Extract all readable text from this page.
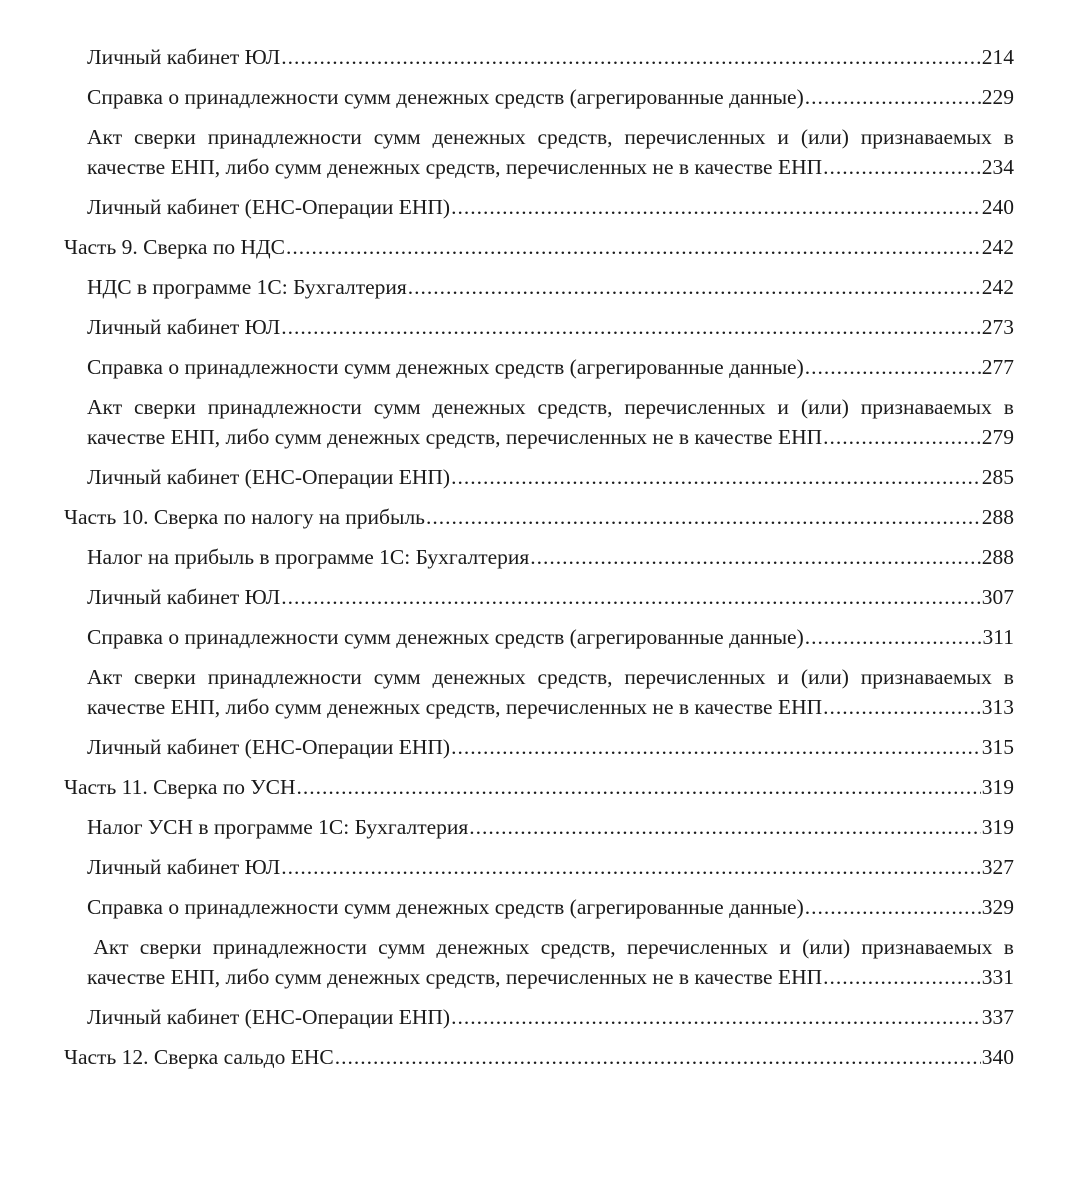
Личный кабинет ЮЛ .....	214
Справка о принадлежности сумм денежных средств (агрегированные данные) .....	229
Акт сверки принадлежности сумм денежных средств, перечисленных и (или) признаваемых в
качестве ЕНП, либо сумм денежных средств, перечисленных не в качестве ЕНП .....	234
Личный кабинет (ЕНС-Операции ЕНП) .....	240
Часть 9. Сверка по НДС .....	242
НДС в программе 1С: Бухгалтерия .....	242
Личный кабинет ЮЛ .....	273
Справка о принадлежности сумм денежных средств (агрегированные данные) .....	277
Акт сверки принадлежности сумм денежных средств, перечисленных и (или) признаваемых в
качестве ЕНП, либо сумм денежных средств, перечисленных не в качестве ЕНП .....	279
Личный кабинет (ЕНС-Операции ЕНП) .....	285
Часть 10. Сверка по налогу на прибыль .....	288
Налог на прибыль в программе 1С: Бухгалтерия .....	288
Личный кабинет ЮЛ .....	307
Справка о принадлежности сумм денежных средств (агрегированные данные) .....	311
Акт сверки принадлежности сумм денежных средств, перечисленных и (или) признаваемых в
качестве ЕНП, либо сумм денежных средств, перечисленных не в качестве ЕНП .....	313
Личный кабинет (ЕНС-Операции ЕНП) .....	315
Часть 11. Сверка по УСН .....	319
Налог УСН в программе 1С: Бухгалтерия .....	319
Личный кабинет ЮЛ .....	327
Справка о принадлежности сумм денежных средств (агрегированные данные) .....	329
Акт сверки принадлежности сумм денежных средств, перечисленных и (или) признаваемых в
качестве ЕНП, либо сумм денежных средств, перечисленных не в качестве ЕНП .....	331
Личный кабинет (ЕНС-Операции ЕНП) .....	337
Часть 12. Сверка сальдо ЕНС .....	340
